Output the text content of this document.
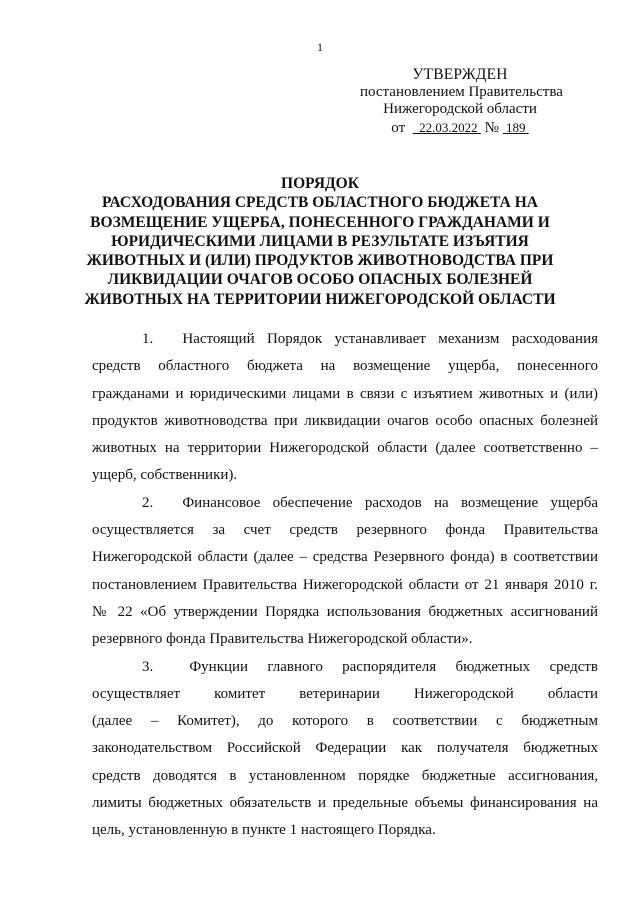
1
УТВЕРЖДЕН
постановлением Правительства
Нижегородской области
от 22.03.2022 № 189
ПОРЯДОК
РАСХОДОВАНИЯ СРЕДСТВ ОБЛАСТНОГО БЮДЖЕТА НА
ВОЗМЕЩЕНИЕ УЩЕРБА, ПОНЕСЕННОГО ГРАЖДАНАМИ И
ЮРИДИЧЕСКИМИ ЛИЦАМИ В РЕЗУЛЬТАТЕ ИЗЪЯТИЯ
ЖИВОТНЫХ И (ИЛИ) ПРОДУКТОВ ЖИВОТНОВОДСТВА ПРИ
ЛИКВИДАЦИИ ОЧАГОВ ОСОБО ОПАСНЫХ БОЛЕЗНЕЙ
ЖИВОТНЫХ НА ТЕРРИТОРИИ НИЖЕГОРОДСКОЙ ОБЛАСТИ
1. Настоящий Порядок устанавливает механизм расходования
средств областного бюджета на возмещение ущерба, понесенного
гражданами и юридическими лицами в связи с изъятием животных и (или)
продуктов животноводства при ликвидации очагов особо опасных болезней
животных на территории Нижегородской области (далее соответственно –
ущерб, собственники).
2. Финансовое обеспечение расходов на возмещение ущерба
осуществляется за счет средств резервного фонда Правительства
Нижегородской области (далее – средства Резервного фонда) в соответствии
постановлением Правительства Нижегородской области от 21 января 2010 г.
№ 22 «Об утверждении Порядка использования бюджетных ассигнований
резервного фонда Правительства Нижегородской области».
3. Функции главного распорядителя бюджетных средств
осуществляет комитет ветеринарии Нижегородской области
(далее – Комитет), до которого в соответствии с бюджетным
законодательством Российской Федерации как получателя бюджетных
средств доводятся в установленном порядке бюджетные ассигнования,
лимиты бюджетных обязательств и предельные объемы финансирования на
цель, установленную в пункте 1 настоящего Порядка.
